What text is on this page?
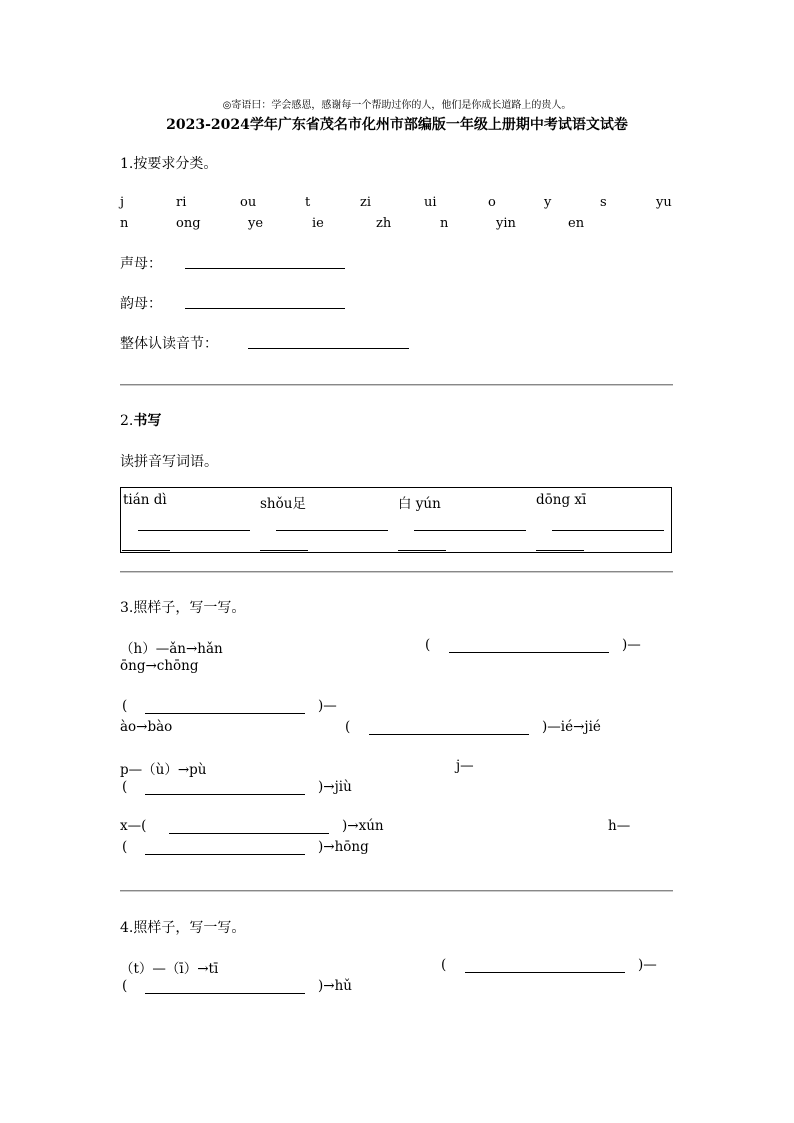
◎寄语曰：学会感恩，感谢每一个帮助过你的人，他们是你成长道路上的贵人。
2023-2024学年广东省茂名市化州市部编版一年级上册期中考试语文试卷
1.按要求分类。
j	ri	ou	t	zi	ui	o	y	s	yu
n	ong	ye	ie	zh	n	yin	en
声母：
韵母：
整体认读音节：
2.书写
读拼音写词语。
tián dì	shǒu足	白 yún	dōng xī
3.照样子，写一写。
（h）—ǎn→hǎn	(	)—
ōng→chōng
(	)—
ào→bào	(	)—ié→jié
p—（ù）→pù	j—
(	)→jiù
x—(	)→xún	h—
(	)→hōng
4.照样子，写一写。
（t）—（ī）→tī	(	)—
(	)→hǔ
